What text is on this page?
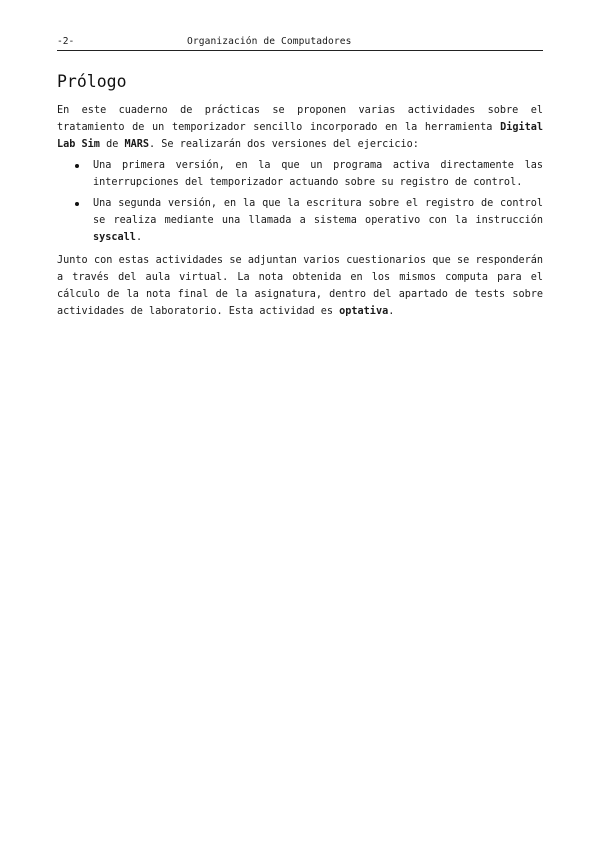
-2-	Organización de Computadores
Prólogo

En este cuaderno de prácticas se proponen varias actividades sobre el tratamiento de un temporizador sencillo incorporado en la herramienta Digital Lab Sim de MARS. Se realizarán dos versiones del ejercicio:

Una primera versión, en la que un programa activa directamente las interrupciones del temporizador actuando sobre su registro de control.
Una segunda versión, en la que la escritura sobre el registro de control se realiza mediante una llamada a sistema operativo con la instrucción syscall.

Junto con estas actividades se adjuntan varios cuestionarios que se responderán a través del aula virtual. La nota obtenida en los mismos computa para el cálculo de la nota final de la asignatura, dentro del apartado de tests sobre actividades de laboratorio. Esta actividad es optativa.
